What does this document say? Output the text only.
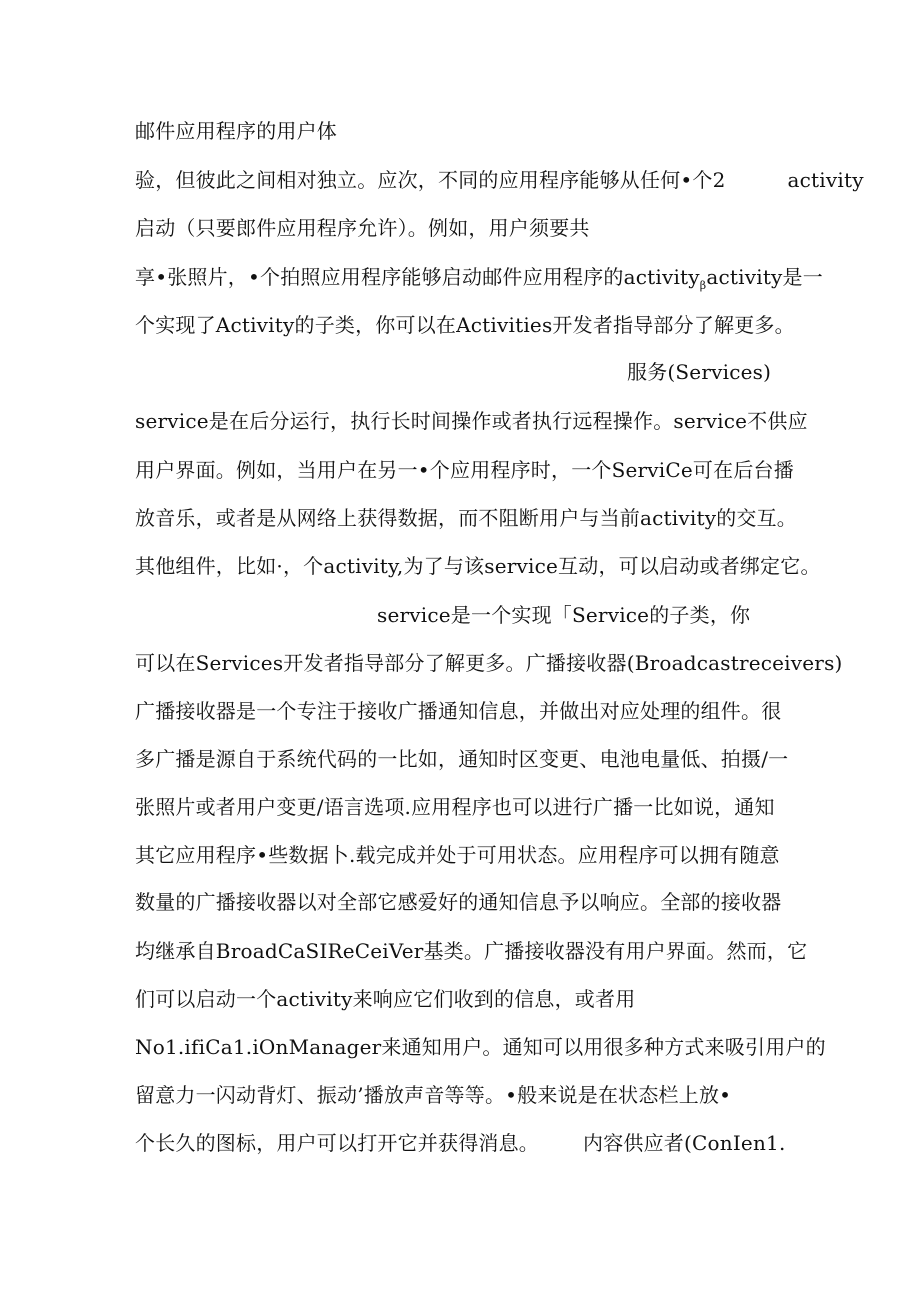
邮件应用程序的用户体
验，但彼此之间相对独立。应次，不同的应用程序能够从任何•个2	activity
启动（只要郎件应用程序允许）。例如，用户须要共
享•张照片，•个拍照应用程序能够启动邮件应用程序的activity$_\beta$activity是一
个实现了Activity的子类，你可以在Activities开发者指导部分了解更多。
服务(Services)
service是在后分运行，执行长时间操作或者执行远程操作。service不供应
用户界面。例如，当用户在另一•个应用程序时，一个ServiCe可在后台播
放音乐，或者是从网络上获得数据，而不阻断用户与当前activity的交互。
其他组件，比如·，个activity,为了与该service互动，可以启动或者绑定它。
service是一个实现「Service的子类，你
可以在Services开发者指导部分了解更多。广播接收器(Broadcastreceivers)
广播接收器是一个专注于接收广播通知信息，并做出对应处理的组件。很
多广播是源自于系统代码的一比如，通知时区变更、电池电量低、拍摄/一
张照片或者用户变更/语言选项.应用程序也可以进行广播一比如说，通知
其它应用程序•些数据卜.载完成并处于可用状态。应用程序可以拥有随意
数量的广播接收器以对全部它感爱好的通知信息予以响应。全部的接收器
均继承自BroadCaSIReCeiVer基类。广播接收器没有用户界面。然而，它
们可以启动一个activity来响应它们收到的信息，或者用
No1.ifiCa1.iOnManager来通知用户。通知可以用很多种方式来吸引用户的
留意力一闪动背灯、振动’播放声音等等。•般来说是在状态栏上放•
个长久的图标，用户可以打开它并获得消息。 内容供应者(ConIen1.
